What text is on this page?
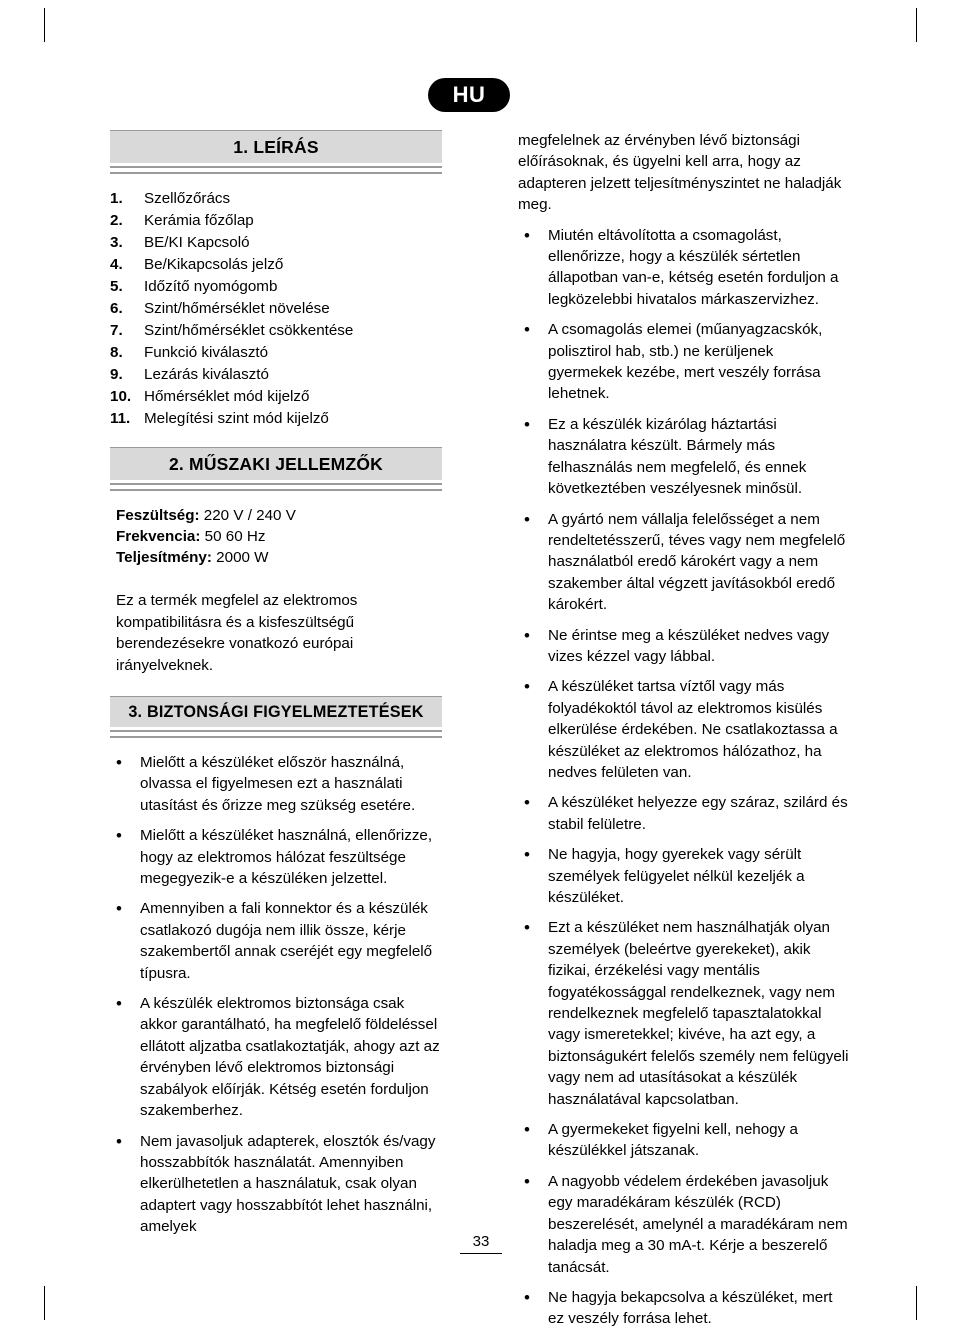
HU
1. LEÍRÁS
1.	Szellőzőrács
2.	Kerámia főzőlap
3.	BE/KI Kapcsoló
4.	Be/Kikapcsolás jelző
5.	Időzítő nyomógomb
6.	Szint/hőmérséklet növelése
7.	Szint/hőmérséklet csökkentése
8.	Funkció kiválasztó
9.	Lezárás kiválasztó
10. Hőmérséklet mód kijelző
11. Melegítési szint mód kijelző
2. MŰSZAKI JELLEMZŐK
Feszültség: 220 V / 240 V
Frekvencia: 50 60 Hz
Teljesítmény: 2000 W
Ez a termék megfelel az elektromos kompatibilitásra és a kisfeszültségű berendezésekre vonatkozó európai irányelveknek.
3. BIZTONSÁGI FIGYELMEZTETÉSEK
• Mielőtt a készüléket először használná, olvassa el figyelmesen ezt a használati utasítást és őrizze meg szükség esetére.
• Mielőtt a készüléket használná, ellenőrizze, hogy az elektromos hálózat feszültsége megegyezik-e a készüléken jelzettel.
• Amennyiben a fali konnektor és a készülék csatlakozó dugója nem illik össze, kérje szakembertől annak cseréjét egy megfelelő típusra.
• A készülék elektromos biztonsága csak akkor garantálható, ha megfelelő földeléssel ellátott aljzatba csatlakoztatják, ahogy azt az érvényben lévő elektromos biztonsági szabályok előírják. Kétség esetén forduljon szakemberhez.
• Nem javasoljuk adapterek, elosztók és/vagy hosszabbítók használatát. Amennyiben elkerülhetetlen a használatuk, csak olyan adaptert vagy hosszabbítót lehet használni, amelyek
megfelelnek az érvényben lévő biztonsági előírásoknak, és ügyelni kell arra, hogy az adapteren jelzett teljesítményszintet ne haladják meg.
• Miutén eltávolította a csomagolást, ellenőrizze, hogy a készülék sértetlen állapotban van-e, kétség esetén forduljon a legközelebbi hivatalos márkaszervizhez.
• A csomagolás elemei (műanyagzacskók, polisztirol hab, stb.) ne kerüljenek gyermekek kezébe, mert veszély forrása lehetnek.
• Ez a készülék kizárólag háztartási használatra készült. Bármely más felhasználás nem megfelelő, és ennek következtében veszélyesnek minősül.
• A gyártó nem vállalja felelősséget a nem rendeltetésszerű, téves vagy nem megfelelő használatból eredő károkért vagy a nem szakember által végzett javításokból eredő károkért.
• Ne érintse meg a készüléket nedves vagy vizes kézzel vagy lábbal.
• A készüléket tartsa víztől vagy más folyadékoktól távol az elektromos kisülés elkerülése érdekében. Ne csatlakoztassa a készüléket az elektromos hálózathoz, ha nedves felületen van.
• A készüléket helyezze egy száraz, szilárd és stabil felületre.
• Ne hagyja, hogy gyerekek vagy sérült személyek felügyelet nélkül kezeljék a készüléket.
• Ezt a készüléket nem használhatják olyan személyek (beleértve gyerekeket), akik fizikai, érzékelési vagy mentális fogyatékossággal rendelkeznek, vagy nem rendelkeznek megfelelő tapasztalatokkal vagy ismeretekkel; kivéve, ha azt egy, a biztonságukért felelős személy nem felügyeli vagy nem ad utasításokat a készülék használatával kapcsolatban.
• A gyermekeket figyelni kell, nehogy a készülékkel játszanak.
• A nagyobb védelem érdekében javasoljuk egy maradékáram készülék (RCD) beszerelését, amelynél a maradékáram nem haladja meg a 30 mA-t. Kérje a beszerelő tanácsát.
• Ne hagyja bekapcsolva a készüléket, mert ez veszély forrása lehet.
33
